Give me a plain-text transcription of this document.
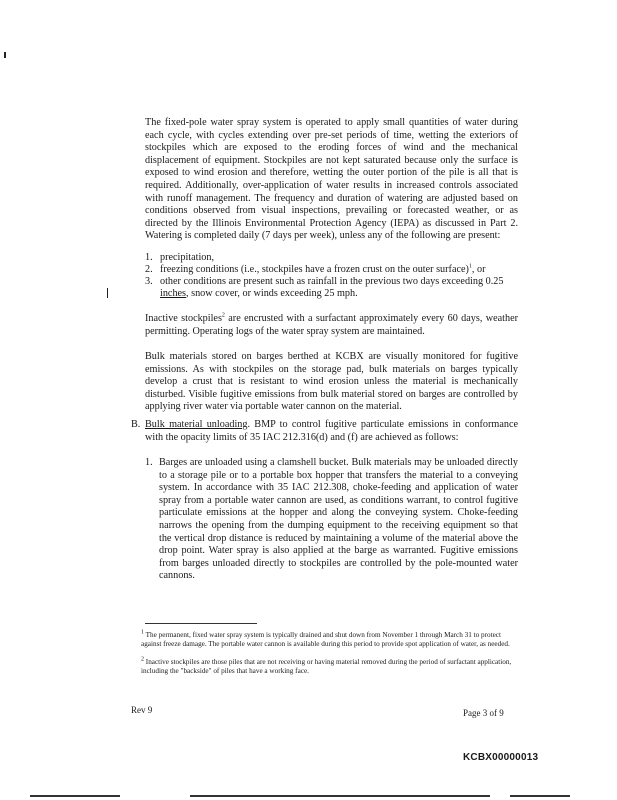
The fixed-pole water spray system is operated to apply small quantities of water during each cycle, with cycles extending over pre-set periods of time, wetting the exteriors of stockpiles which are exposed to the eroding forces of wind and the mechanical displacement of equipment. Stockpiles are not kept saturated because only the surface is exposed to wind erosion and therefore, wetting the outer portion of the pile is all that is required. Additionally, over-application of water results in increased controls associated with runoff management. The frequency and duration of watering are adjusted based on conditions observed from visual inspections, prevailing or forecasted weather, or as directed by the Illinois Environmental Protection Agency (IEPA) as discussed in Part 2. Watering is completed daily (7 days per week), unless any of the following are present:
1. precipitation,
2. freezing conditions (i.e., stockpiles have a frozen crust on the outer surface)$^1$, or
3. other conditions are present such as rainfall in the previous two days exceeding 0.25
inches, snow cover, or winds exceeding 25 mph.
Inactive stockpiles$^2$ are encrusted with a surfactant approximately every 60 days, weather permitting. Operating logs of the water spray system are maintained.
Bulk materials stored on barges berthed at KCBX are visually monitored for fugitive emissions. As with stockpiles on the storage pad, bulk materials on barges typically develop a crust that is resistant to wind erosion unless the material is mechanically disturbed. Visible fugitive emissions from bulk material stored on barges are controlled by applying river water via portable water cannon on the material.
B. Bulk material unloading. BMP to control fugitive particulate emissions in conformance with the opacity limits of 35 IAC 212.316(d) and (f) are achieved as follows:
1. Barges are unloaded using a clamshell bucket. Bulk materials may be unloaded directly to a storage pile or to a portable box hopper that transfers the material to a conveying system. In accordance with 35 IAC 212.308, choke-feeding and application of water spray from a portable water cannon are used, as conditions warrant, to control fugitive particulate emissions at the hopper and along the conveying system. Choke-feeding narrows the opening from the dumping equipment to the receiving equipment so that the vertical drop distance is reduced by maintaining a volume of the material above the drop point. Water spray is also applied at the barge as warranted. Fugitive emissions from barges unloaded directly to stockpiles are controlled by the pole-mounted water cannons.
$^1$ The permanent, fixed water spray system is typically drained and shut down from November 1 through March 31 to protect against freeze damage. The portable water cannon is available during this period to provide spot application of water, as needed.
$^2$ Inactive stockpiles are those piles that are not receiving or having material removed during the period of surfactant application, including the "backside" of piles that have a working face.
Rev 9	Page 3 of 9
KCBX00000013
